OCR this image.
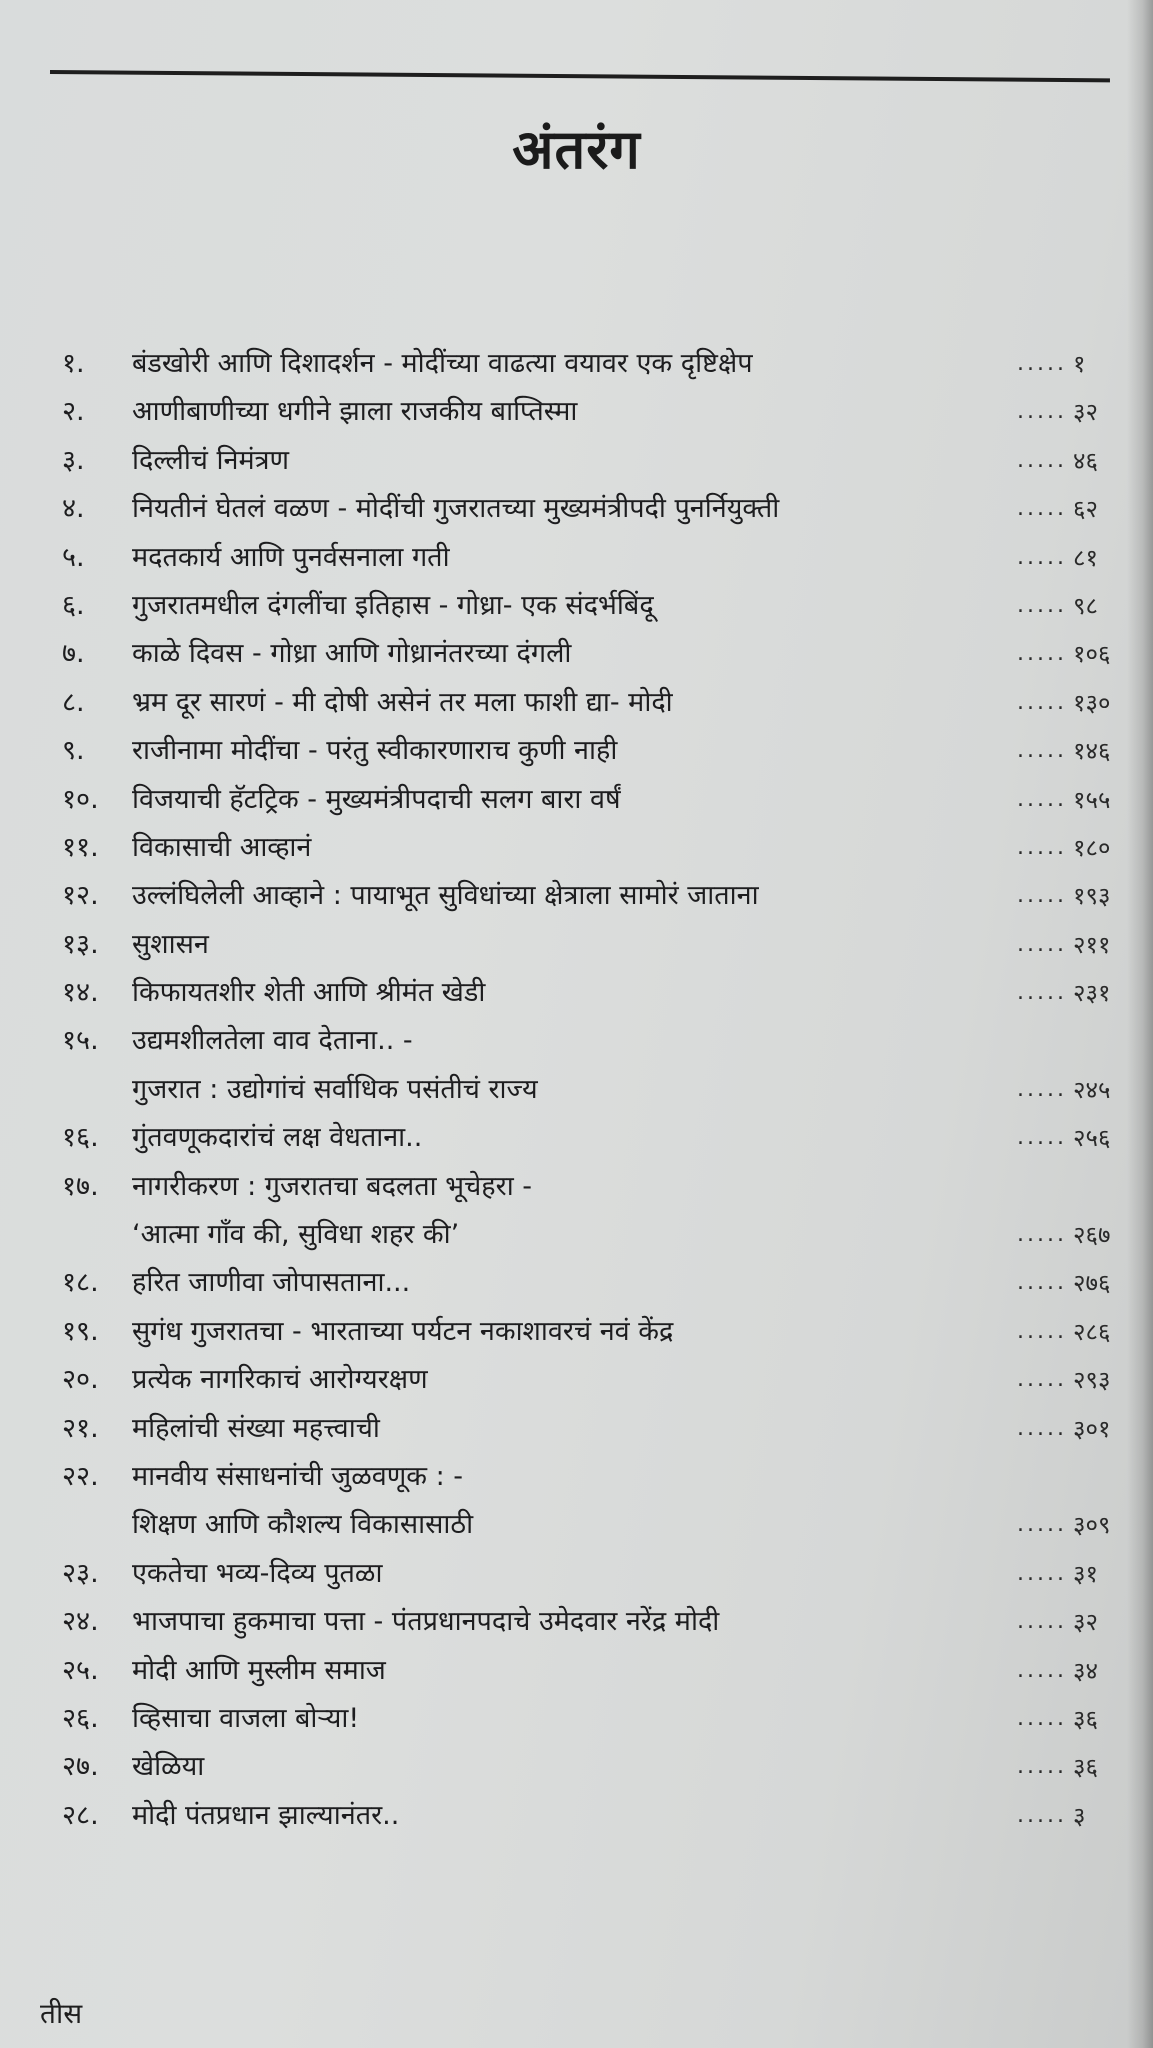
अंतरंग
१. बंडखोरी आणि दिशादर्शन - मोदींच्या वाढत्या वयावर एक दृष्टिक्षेप	..... १
२. आणीबाणीच्या धगीने झाला राजकीय बाप्तिस्मा	..... ३२
३. दिल्लीचं निमंत्रण	..... ४६
४. नियतीनं घेतलं वळण - मोदींची गुजरातच्या मुख्यमंत्रीपदी पुनर्नियुक्ती	..... ६२
५. मदतकार्य आणि पुनर्वसनाला गती	..... ८१
६. गुजरातमधील दंगलींचा इतिहास - गोध्रा- एक संदर्भबिंदू	..... ९८
७. काळे दिवस - गोध्रा आणि गोध्रानंतरच्या दंगली	..... १०६
८. भ्रम दूर सारणं - मी दोषी असेनं तर मला फाशी द्या- मोदी	..... १३०
९. राजीनामा मोदींचा - परंतु स्वीकारणाराच कुणी नाही	..... १४६
१०. विजयाची हॅटट्रिक - मुख्यमंत्रीपदाची सलग बारा वर्षं	..... १५५
११. विकासाची आव्हानं	..... १८०
१२. उल्लंघिलेली आव्हाने : पायाभूत सुविधांच्या क्षेत्राला सामोरं जाताना	..... १९३
१३. सुशासन	..... २११
१४. किफायतशीर शेती आणि श्रीमंत खेडी	..... २३१
१५. उद्यमशीलतेला वाव देताना.. -
गुजरात : उद्योगांचं सर्वाधिक पसंतीचं राज्य	..... २४५
१६. गुंतवणूकदारांचं लक्ष वेधताना..	..... २५६
१७. नागरीकरण : गुजरातचा बदलता भूचेहरा -
‘आत्मा गाँव की, सुविधा शहर की’	..... २६७
१८. हरित जाणीवा जोपासताना...	..... २७६
१९. सुगंध गुजरातचा - भारताच्या पर्यटन नकाशावरचं नवं केंद्र	..... २८६
२०. प्रत्येक नागरिकाचं आरोग्यरक्षण	..... २९३
२१. महिलांची संख्या महत्त्वाची	..... ३०१
२२. मानवीय संसाधनांची जुळवणूक : -
शिक्षण आणि कौशल्य विकासासाठी	..... ३०९
२३. एकतेचा भव्य-दिव्य पुतळा	..... ३१
२४. भाजपाचा हुकमाचा पत्ता - पंतप्रधानपदाचे उमेदवार नरेंद्र मोदी	..... ३२
२५. मोदी आणि मुस्लीम समाज	..... ३४
२६. व्हिसाचा वाजला बोऱ्या!	..... ३६
२७. खेळिया	..... ३६
२८. मोदी पंतप्रधान झाल्यानंतर..	..... ३
तीस
